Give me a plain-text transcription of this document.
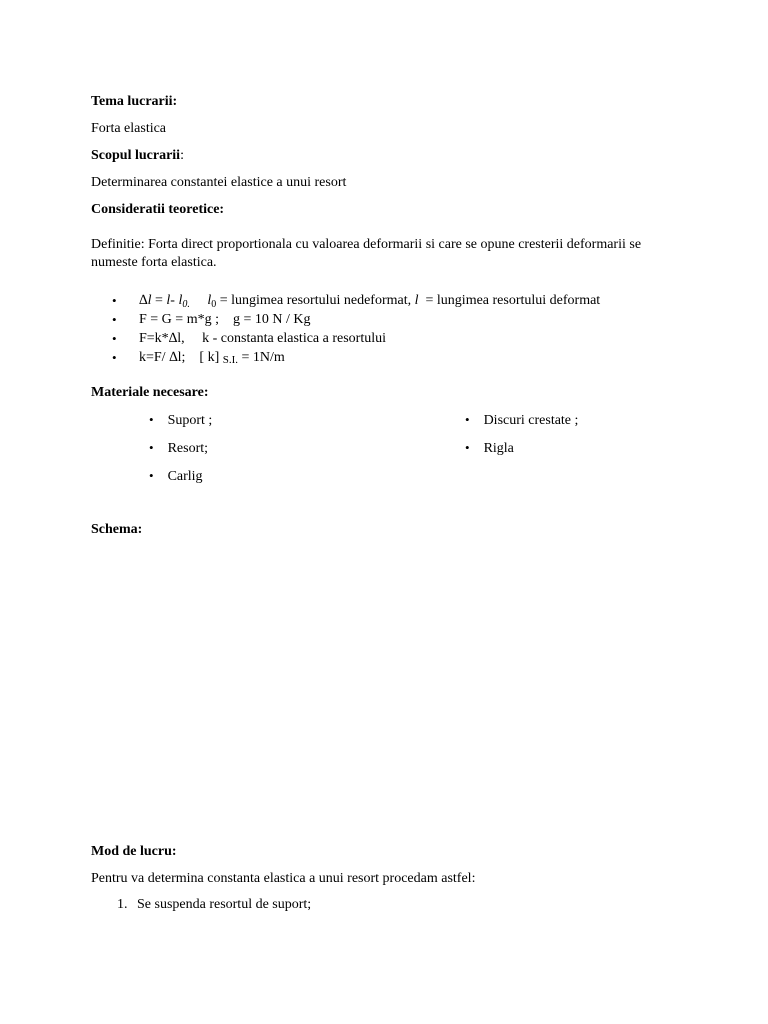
Tema lucrarii:
Forta elastica
Scopul lucrarii:
Determinarea constantei elastice a unui resort
Consideratii teoretice:
Definitie: Forta direct proportionala cu valoarea deformarii si care se opune cresterii deformarii se numeste forta elastica.
• ∆l = l- $l_{0.}$ $l_0$ = lungimea resortului nedeformat, l  = lungimea resortului deformat
• F = G = m*g ;    g = 10 N / Kg
• F=k*∆l,     k - constanta elastica a resortului
• k=F/ ∆l;    [ k] S.I. = 1N/m
Materiale necesare:
• Suport ;
• Resort;
• Carlig
• Discuri crestate ;
• Rigla
Schema:
Mod de lucru:
Pentru va determina constanta elastica a unui resort procedam astfel:
1. Se suspenda resortul de suport;
